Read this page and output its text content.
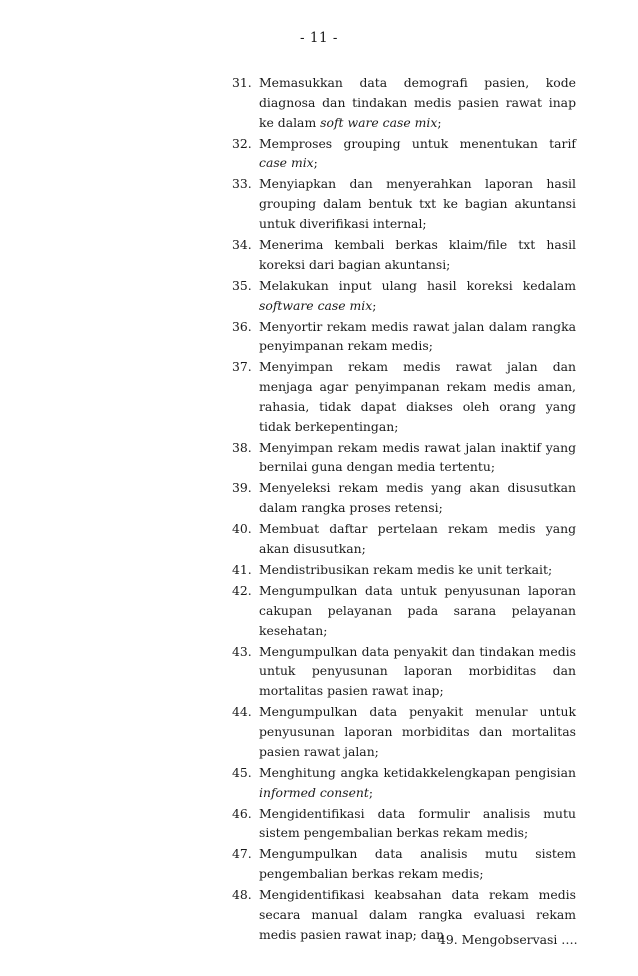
- 11 -
31. Memasukkan data demografi pasien, kode diagnosa dan tindakan medis pasien rawat inap ke dalam soft ware case mix;
32. Memproses grouping untuk menentukan tarif case mix;
33. Menyiapkan dan menyerahkan laporan hasil grouping dalam bentuk txt ke bagian akuntansi untuk diverifikasi internal;
34. Menerima kembali berkas klaim/file txt hasil koreksi dari bagian akuntansi;
35. Melakukan input ulang hasil koreksi kedalam software case mix;
36. Menyortir rekam medis rawat jalan dalam rangka penyimpanan rekam medis;
37. Menyimpan rekam medis rawat jalan dan menjaga agar penyimpanan rekam medis aman, rahasia, tidak dapat diakses oleh orang yang tidak berkepentingan;
38. Menyimpan rekam medis rawat jalan inaktif yang bernilai guna dengan media tertentu;
39. Menyeleksi rekam medis yang akan disusutkan dalam rangka proses retensi;
40. Membuat daftar pertelaan rekam medis yang akan disusutkan;
41. Mendistribusikan rekam medis ke unit terkait;
42. Mengumpulkan data untuk penyusunan laporan cakupan pelayanan pada sarana pelayanan kesehatan;
43. Mengumpulkan data penyakit dan tindakan medis untuk penyusunan laporan morbiditas dan mortalitas pasien rawat inap;
44. Mengumpulkan data penyakit menular untuk penyusunan laporan morbiditas dan mortalitas pasien rawat jalan;
45. Menghitung angka ketidakkelengkapan pengisian informed consent;
46. Mengidentifikasi data formulir analisis mutu sistem pengembalian berkas rekam medis;
47. Mengumpulkan data analisis mutu sistem pengembalian berkas rekam medis;
48. Mengidentifikasi keabsahan data rekam medis secara manual dalam rangka evaluasi rekam medis pasien rawat inap; dan
49. Mengobservasi ….
